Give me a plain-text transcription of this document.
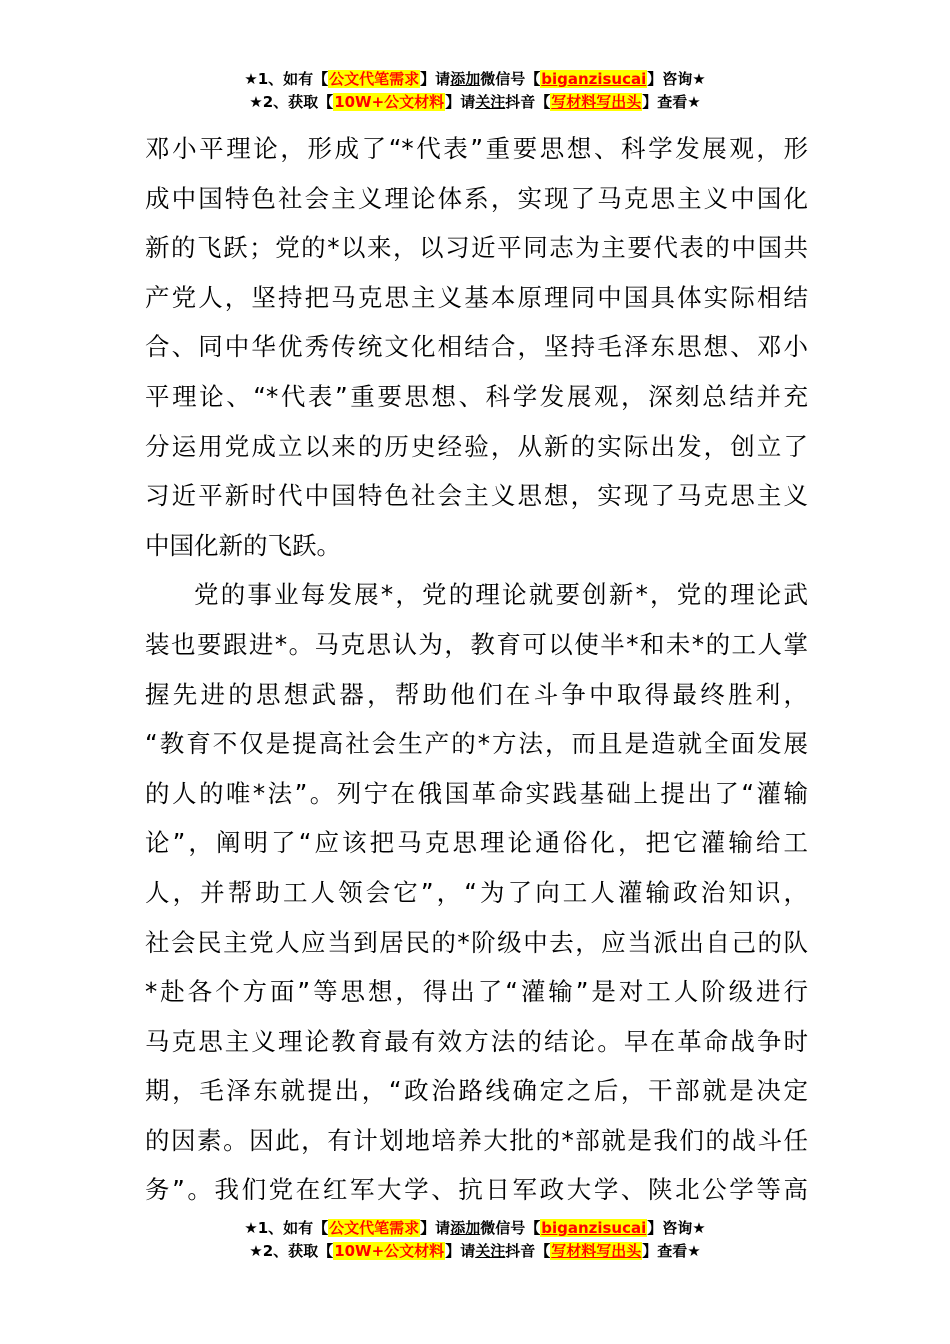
★1、如有【公文代笔需求】请添加微信号【biganzisucai】咨询★
★2、获取【10W+公文材料】请关注抖音【写材料写出头】查看★
邓小平理论，形成了“*代表”重要思想、科学发展观，形
成中国特色社会主义理论体系，实现了马克思主义中国化
新的飞跃；党的*以来，以习近平同志为主要代表的中国共
产党人，坚持把马克思主义基本原理同中国具体实际相结
合、同中华优秀传统文化相结合，坚持毛泽东思想、邓小
平理论、“*代表”重要思想、科学发展观，深刻总结并充
分运用党成立以来的历史经验，从新的实际出发，创立了
习近平新时代中国特色社会主义思想，实现了马克思主义
中国化新的飞跃。
党的事业每发展*，党的理论就要创新*，党的理论武
装也要跟进*。马克思认为，教育可以使半*和未*的工人掌
握先进的思想武器，帮助他们在斗争中取得最终胜利，
“教育不仅是提高社会生产的*方法，而且是造就全面发展
的人的唯*法”。列宁在俄国革命实践基础上提出了“灌输
论”，阐明了“应该把马克思理论通俗化，把它灌输给工
人，并帮助工人领会它”，“为了向工人灌输政治知识，
社会民主党人应当到居民的*阶级中去，应当派出自己的队
*赴各个方面”等思想，得出了“灌输”是对工人阶级进行
马克思主义理论教育最有效方法的结论。早在革命战争时
期，毛泽东就提出，“政治路线确定之后，干部就是决定
的因素。因此，有计划地培养大批的*部就是我们的战斗任
务”。我们党在红军大学、抗日军政大学、陕北公学等高
★1、如有【公文代笔需求】请添加微信号【biganzisucai】咨询★
★2、获取【10W+公文材料】请关注抖音【写材料写出头】查看★
